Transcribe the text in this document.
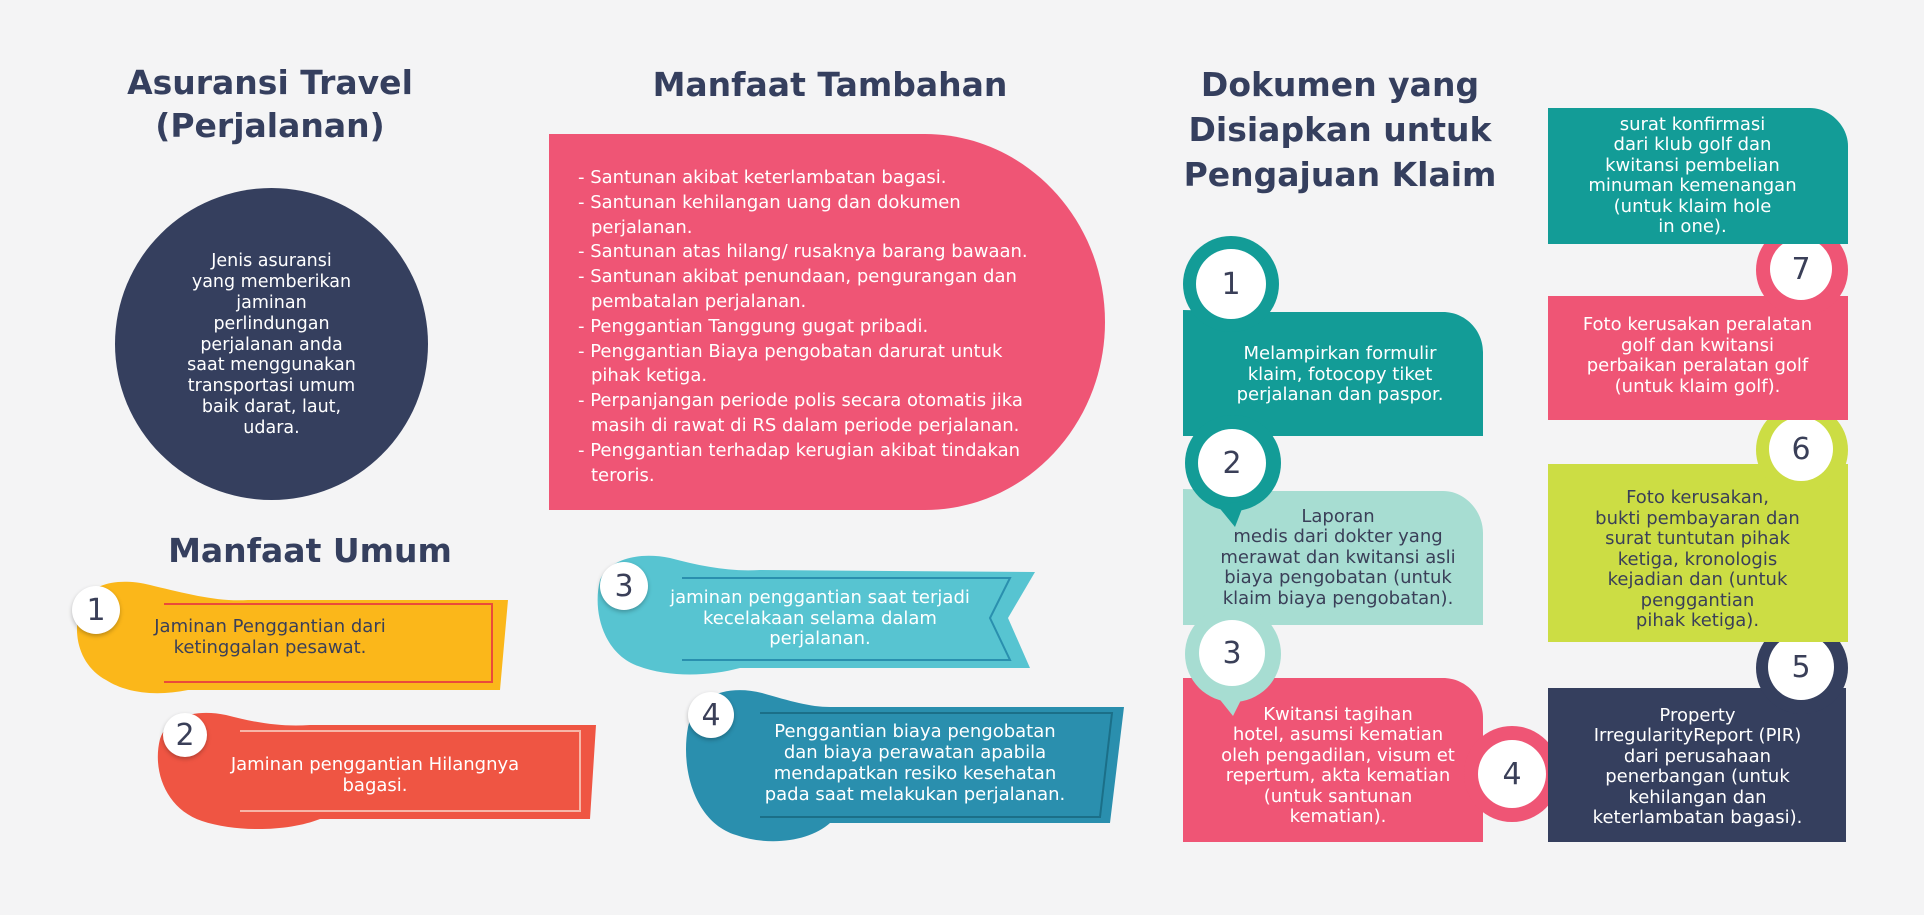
Asuransi Travel
(Perjalanan)
Jenis asuransi
yang memberikan
jaminan
perlindungan
perjalanan anda
saat menggunakan
transportasi umum
baik darat, laut,
udara.
Manfaat Umum
1	Jaminan Penggantian dari
ketinggalan pesawat.
2
Jaminan penggantian Hilangnya
bagasi.
Manfaat Tambahan
- Santunan akibat keterlambatan bagasi.
- Santunan kehilangan uang dan dokumen perjalanan.
- Santunan atas hilang/ rusaknya barang bawaan.
- Santunan akibat penundaan, pengurangan dan pembatalan perjalanan.
- Penggantian Tanggung gugat pribadi.
- Penggantian Biaya pengobatan darurat untuk pihak ketiga.
- Perpanjangan periode polis secara otomatis jika masih di rawat di RS dalam periode perjalanan.
- Penggantian terhadap kerugian akibat tindakan teroris.
3	jaminan penggantian saat terjadi
kecelakaan selama dalam
perjalanan.
4	Penggantian biaya pengobatan
dan biaya perawatan apabila
mendapatkan resiko kesehatan
pada saat melakukan perjalanan.
Dokumen yang
Disiapkan untuk
Pengajuan Klaim
1
Melampirkan formulir
klaim, fotocopy tiket
perjalanan dan paspor.
2
Laporan
medis dari dokter yang
merawat dan kwitansi asli
biaya pengobatan (untuk
klaim biaya pengobatan).
3
Kwitansi tagihan
hotel, asumsi kematian
oleh pengadilan, visum et
repertum, akta kematian
(untuk santunan
kematian).
4
5
Property
IrregularityReport (PIR)
dari perusahaan
penerbangan (untuk
kehilangan dan
keterlambatan bagasi).
6
Foto kerusakan,
bukti pembayaran dan
surat tuntutan pihak
ketiga, kronologis
kejadian dan (untuk
penggantian
pihak ketiga).
7
Foto kerusakan peralatan
golf dan kwitansi
perbaikan peralatan golf
(untuk klaim golf).
surat konfirmasi
dari klub golf dan
kwitansi pembelian
minuman kemenangan
(untuk klaim hole
in one).
